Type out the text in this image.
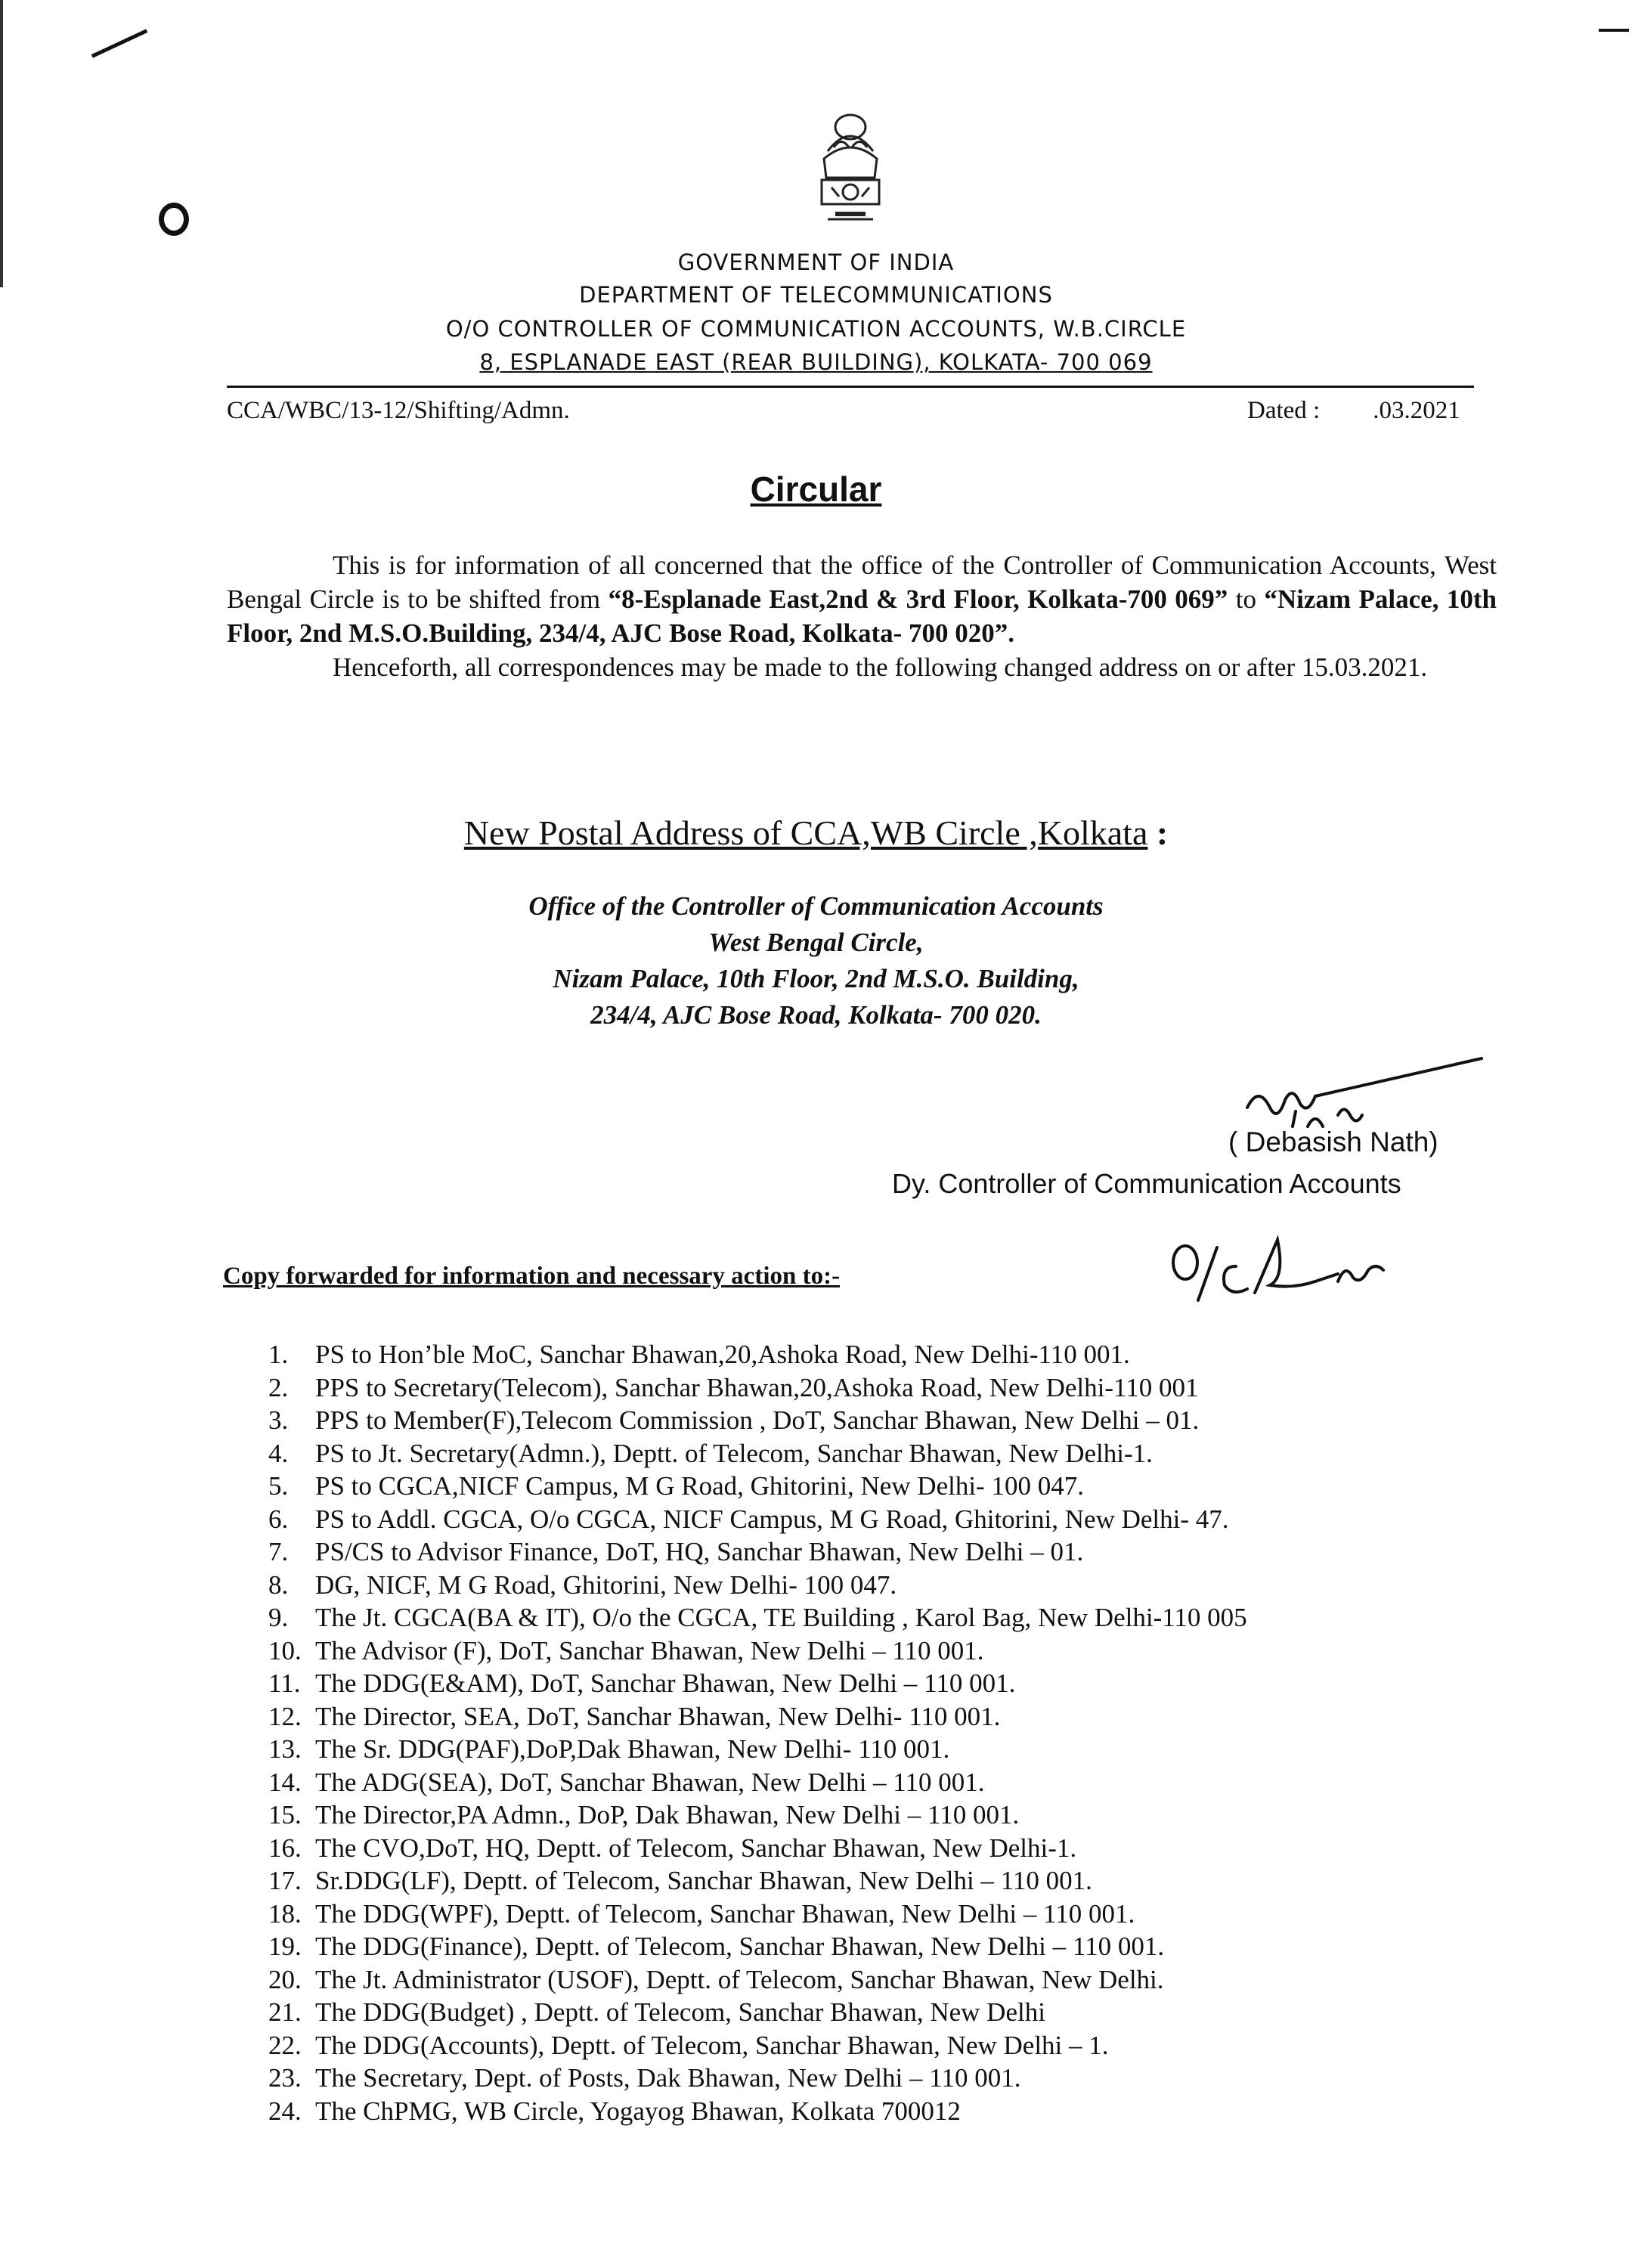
GOVERNMENT OF INDIA
DEPARTMENT OF TELECOMMUNICATIONS
O/O CONTROLLER OF COMMUNICATION ACCOUNTS, W.B.CIRCLE
8, ESPLANADE EAST (REAR BUILDING), KOLKATA- 700 069
CCA/WBC/13-12/Shifting/Admn.	Dated : .03.2021
Circular

This is for information of all concerned that the office of the Controller of Communication Accounts, West Bengal Circle is to be shifted from “8-Esplanade East,2nd & 3rd Floor, Kolkata-700 069” to “Nizam Palace, 10th Floor, 2nd M.S.O.Building, 234/4, AJC Bose Road, Kolkata- 700 020”.

Henceforth, all correspondences may be made to the following changed address on or after 15.03.2021.

New Postal Address of CCA,WB Circle ,Kolkata :
Office of the Controller of Communication Accounts
West Bengal Circle,
Nizam Palace, 10th Floor, 2nd M.S.O. Building,
234/4, AJC Bose Road, Kolkata- 700 020.
( Debasish Nath)
Dy. Controller of Communication Accounts
Copy forwarded for information and necessary action to:-
1. PS to Hon’ble MoC, Sanchar Bhawan,20,Ashoka Road, New Delhi-110 001.
2. PPS to Secretary(Telecom), Sanchar Bhawan,20,Ashoka Road, New Delhi-110 001
3. PPS to Member(F),Telecom Commission , DoT, Sanchar Bhawan, New Delhi – 01.
4. PS to Jt. Secretary(Admn.), Deptt. of Telecom, Sanchar Bhawan, New Delhi-1.
5. PS to CGCA,NICF Campus, M G Road, Ghitorini, New Delhi- 100 047.
6. PS to Addl. CGCA, O/o CGCA, NICF Campus, M G Road, Ghitorini, New Delhi- 47.
7. PS/CS to Advisor Finance, DoT, HQ, Sanchar Bhawan, New Delhi – 01.
8. DG, NICF, M G Road, Ghitorini, New Delhi- 100 047.
9. The Jt. CGCA(BA & IT), O/o the CGCA, TE Building , Karol Bag, New Delhi-110 005
10. The Advisor (F), DoT, Sanchar Bhawan, New Delhi – 110 001.
11. The DDG(E&AM), DoT, Sanchar Bhawan, New Delhi – 110 001.
12. The Director, SEA, DoT, Sanchar Bhawan, New Delhi- 110 001.
13. The Sr. DDG(PAF),DoP,Dak Bhawan, New Delhi- 110 001.
14. The ADG(SEA), DoT, Sanchar Bhawan, New Delhi – 110 001.
15. The Director,PA Admn., DoP, Dak Bhawan, New Delhi – 110 001.
16. The CVO,DoT, HQ, Deptt. of Telecom, Sanchar Bhawan, New Delhi-1.
17. Sr.DDG(LF), Deptt. of Telecom, Sanchar Bhawan, New Delhi – 110 001.
18. The DDG(WPF), Deptt. of Telecom, Sanchar Bhawan, New Delhi – 110 001.
19. The DDG(Finance), Deptt. of Telecom, Sanchar Bhawan, New Delhi – 110 001.
20. The Jt. Administrator (USOF), Deptt. of Telecom, Sanchar Bhawan, New Delhi.
21. The DDG(Budget) , Deptt. of Telecom, Sanchar Bhawan, New Delhi
22. The DDG(Accounts), Deptt. of Telecom, Sanchar Bhawan, New Delhi – 1.
23. The Secretary, Dept. of Posts, Dak Bhawan, New Delhi – 110 001.
24. The ChPMG, WB Circle, Yogayog Bhawan, Kolkata 700012
